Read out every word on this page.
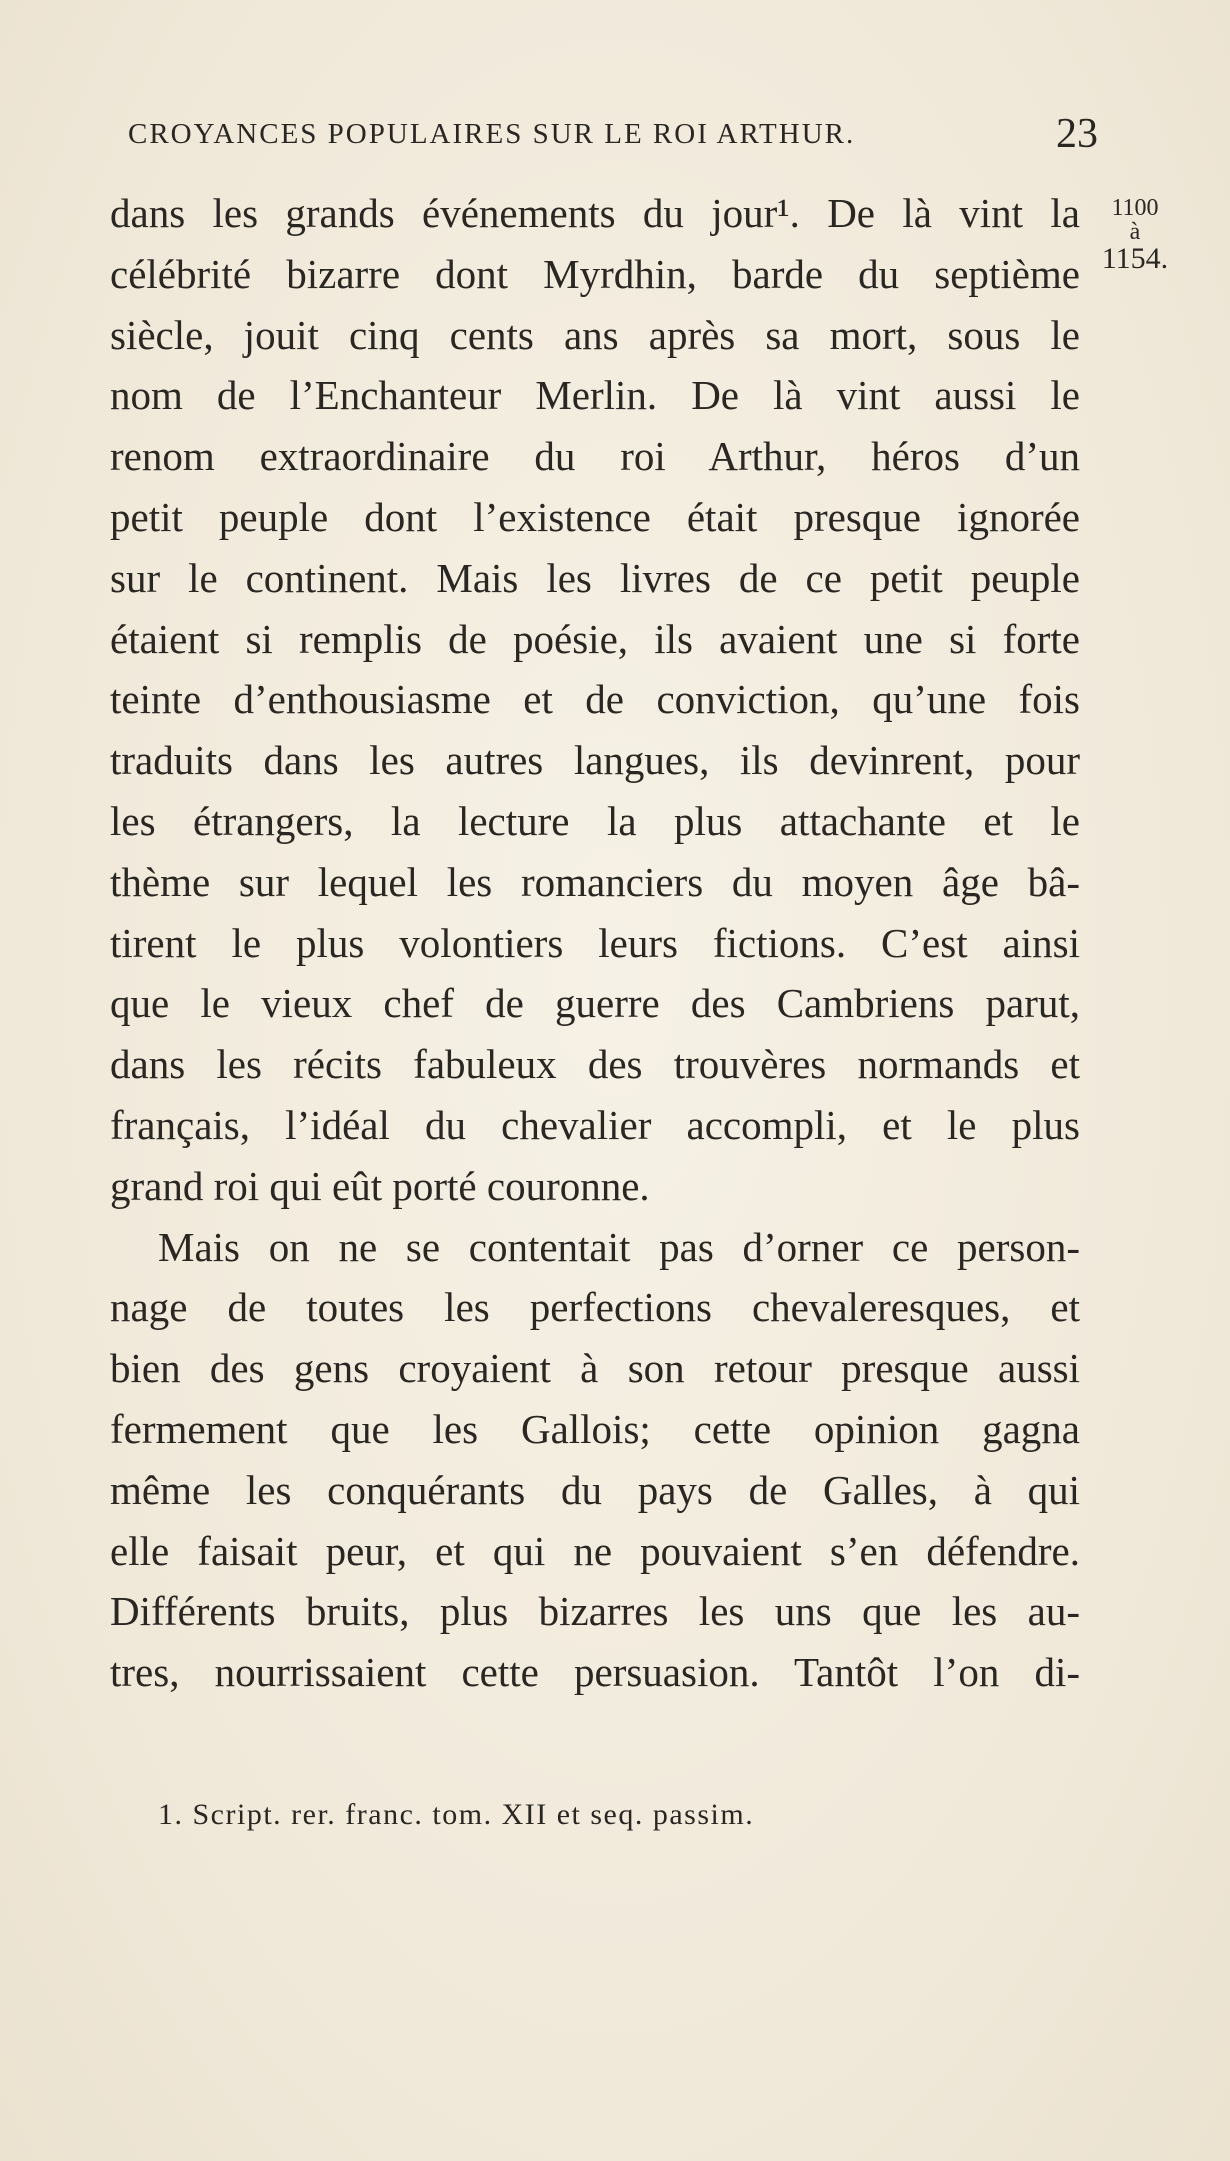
CROYANCES POPULAIRES SUR LE ROI ARTHUR.	23
1100
à
1154.
dans les grands événements du jour¹. De là vint la
célébrité bizarre dont Myrdhin, barde du septième
siècle, jouit cinq cents ans après sa mort, sous le
nom de l’Enchanteur Merlin. De là vint aussi le
renom extraordinaire du roi Arthur, héros d’un
petit peuple dont l’existence était presque ignorée
sur le continent. Mais les livres de ce petit peuple
étaient si remplis de poésie, ils avaient une si forte
teinte d’enthousiasme et de conviction, qu’une fois
traduits dans les autres langues, ils devinrent, pour
les étrangers, la lecture la plus attachante et le
thème sur lequel les romanciers du moyen âge bâ-
tirent le plus volontiers leurs fictions. C’est ainsi
que le vieux chef de guerre des Cambriens parut,
dans les récits fabuleux des trouvères normands et
français, l’idéal du chevalier accompli, et le plus
grand roi qui eût porté couronne.
Mais on ne se contentait pas d’orner ce person-
nage de toutes les perfections chevaleresques, et
bien des gens croyaient à son retour presque aussi
fermement que les Gallois; cette opinion gagna
même les conquérants du pays de Galles, à qui
elle faisait peur, et qui ne pouvaient s’en défendre.
Différents bruits, plus bizarres les uns que les au-
tres, nourrissaient cette persuasion. Tantôt l’on di-
1. Script. rer. franc. tom. XII et seq. passim.
